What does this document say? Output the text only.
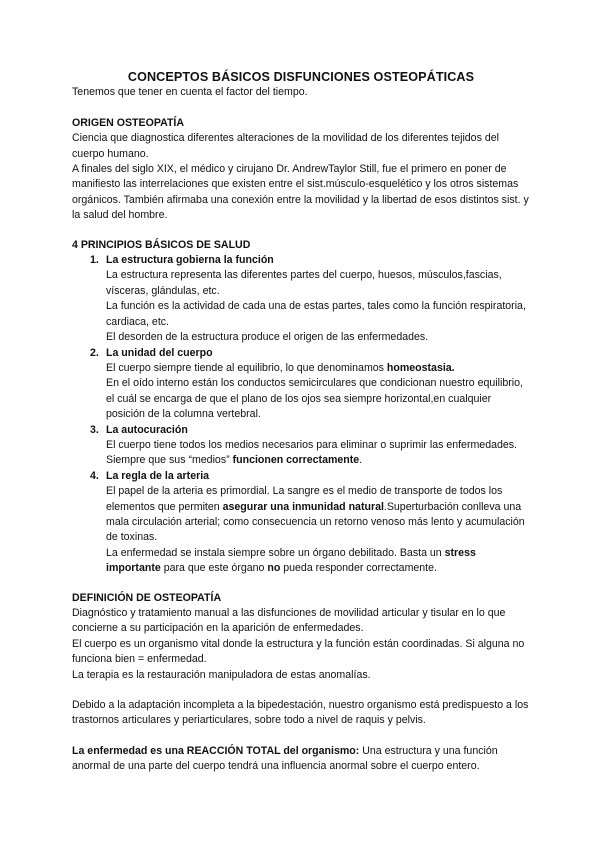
CONCEPTOS BÁSICOS DISFUNCIONES OSTEOPÁTICAS

Tenemos que tener en cuenta el factor del tiempo.

ORIGEN OSTEOPATÍA

Ciencia que diagnostica diferentes alteraciones de la movilidad de los diferentes tejidos del cuerpo humano.

A finales del siglo XIX, el médico y cirujano Dr. AndrewTaylor Still, fue el primero en poner de manifiesto las interrelaciones que existen entre el sist.músculo-esquelético y los otros sistemas orgánicos. También afirmaba una conexión entre la movilidad y la libertad de esos distintos sist. y la salud del hombre.

4 PRINCIPIOS BÁSICOS DE SALUD

1. La estructura gobierna la función

La estructura representa las diferentes partes del cuerpo, huesos, músculos,fascias, vísceras, glándulas, etc.

La función es la actividad de cada una de estas partes, tales como la función respiratoria, cardiaca, etc.

El desorden de la estructura produce el origen de las enfermedades.

2. La unidad del cuerpo

El cuerpo siempre tiende al equilibrio, lo que denominamos homeostasia.

En el oído interno están los conductos semicirculares que condicionan nuestro equilibrio, el cuál se encarga de que el plano de los ojos sea siempre horizontal,en cualquier posición de la columna vertebral.

3. La autocuración

El cuerpo tiene todos los medios necesarios para eliminar o suprimir las enfermedades. Siempre que sus “medios” funcionen correctamente.

4. La regla de la arteria

El papel de la arteria es primordial. La sangre es el medio de transporte de todos los elementos que permiten asegurar una inmunidad natural.Superturbación conlleva una mala circulación arterial; como consecuencia un retorno venoso más lento y acumulación de toxinas.

La enfermedad se instala siempre sobre un órgano debilitado. Basta un stress importante para que este órgano no pueda responder correctamente.

DEFINICIÓN DE OSTEOPATÍA

Diagnóstico y tratamiento manual a las disfunciones de movilidad articular y tisular en lo que concierne a su participación en la aparición de enfermedades.

El cuerpo es un organismo vital donde la estructura y la función están coordinadas. Si alguna no funciona bien = enfermedad.

La terapia es la restauración manipuladora de estas anomalías.

Debido a la adaptación incompleta a la bipedestación, nuestro organismo está predispuesto a los trastornos articulares y periarticulares, sobre todo a nivel de raquis y pelvis.

La enfermedad es una REACCIÓN TOTAL del organismo: Una estructura y una función anormal de una parte del cuerpo tendrá una influencia anormal sobre el cuerpo entero.
